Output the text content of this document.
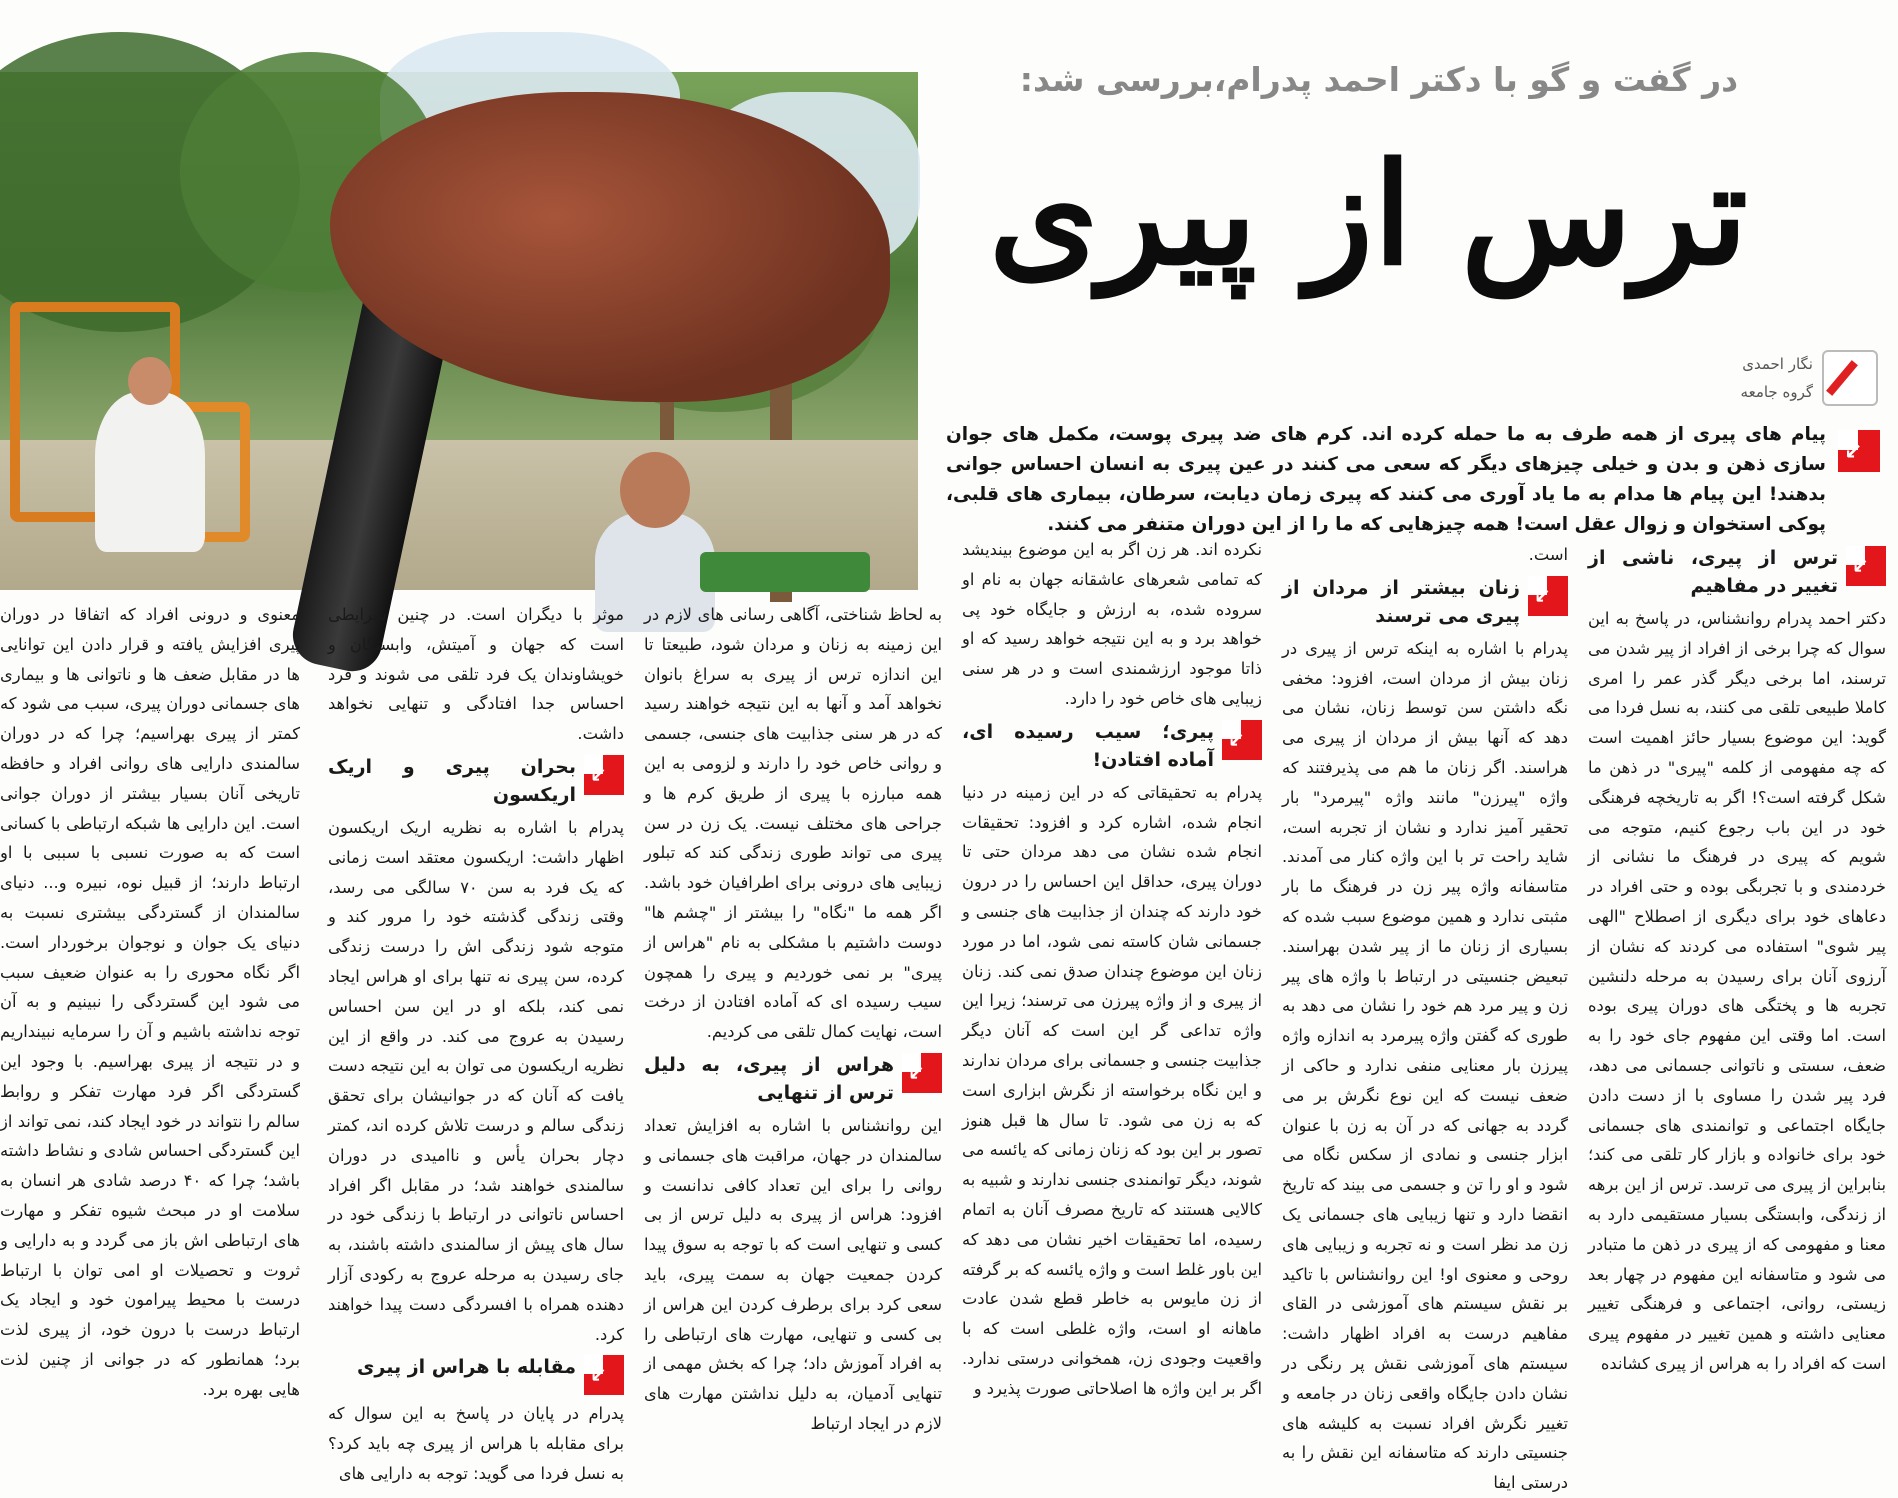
در گفت و گو با دکتر احمد پدرام،بررسی شد:
ترس از پیری
نگار احمدی
گروه جامعه
↙
پیام های پیری از همه طرف به ما حمله کرده اند. کرم های ضد پیری پوست، مکمل های جوان سازی ذهن و بدن و خیلی چیزهای دیگر که سعی می کنند در عین پیری به انسان احساس جوانی بدهند! این پیام ها مدام به ما یاد آوری می کنند که پیری زمان دیابت، سرطان، بیماری های قلبی، پوکی استخوان و زوال عقل است! همه چیزهایی که ما را از این دوران متنفر می کنند.
↙
ترس از پیری، ناشی از تغییر در مفاهیم

دکتر احمد پدرام روانشناس، در پاسخ به این سوال که چرا برخی از افراد از پیر شدن می ترسند، اما برخی دیگر گذر عمر را امری کاملا طبیعی تلقی می کنند، به نسل فردا می گوید: این موضوع بسیار حائز اهمیت است که چه مفهومی از کلمه "پیری" در ذهن ما شکل گرفته است؟! اگر به تاریخچه فرهنگی خود در این باب رجوع کنیم، متوجه می شویم که پیری در فرهنگ ما نشانی از خردمندی و با تجربگی بوده و حتی افراد در دعاهای خود برای دیگری از اصطلاح "الهی پیر شوی" استفاده می کردند که نشان از آرزوی آنان برای رسیدن به مرحله دلنشین تجربه ها و پختگی های دوران پیری بوده است. اما وقتی این مفهوم جای خود را به ضعف، سستی و ناتوانی جسمانی می دهد، فرد پیر شدن را مساوی با از دست دادن جایگاه اجتماعی و توانمندی های جسمانی خود برای خانواده و بازار کار تلقی می کند؛ بنابراین از پیری می ترسد. ترس از این برهه از زندگی، وابستگی بسیار مستقیمی دارد به معنا و مفهومی که از پیری در ذهن ما متبادر می شود و متاسفانه این مفهوم در چهار بعد زیستی، روانی، اجتماعی و فرهنگی تغییر معنایی داشته و همین تغییر در مفهوم پیری است که افراد را به هراس از پیری کشانده

است.

↙
زنان بیشتر از مردان از پیری می ترسند

پدرام با اشاره به اینکه ترس از پیری در زنان بیش از مردان است، افزود: مخفی نگه داشتن سن توسط زنان، نشان می دهد که آنها بیش از مردان از پیری می هراسند. اگر زنان ما هم می پذیرفتند که واژه "پیرزن" مانند واژه "پیرمرد" بار تحقیر آمیز ندارد و نشان از تجربه است، شاید راحت تر با این واژه کنار می آمدند. متاسفانه واژه پیر زن در فرهنگ ما بار مثبتی ندارد و همین موضوع سبب شده که بسیاری از زنان ما از پیر شدن بهراسند. تبعیض جنسیتی در ارتباط با واژه های پیر زن و پیر مرد هم خود را نشان می دهد به طوری که گفتن واژه پیرمرد به اندازه واژه پیرزن بار معنایی منفی ندارد و حاکی از ضعف نیست که این نوع نگرش بر می گردد به جهانی که در آن به زن با عنوان ابزار جنسی و نمادی از سکس نگاه می شود و او را تن و جسمی می بیند که تاریخ انقضا دارد و تنها زیبایی های جسمانی یک زن مد نظر است و نه تجربه و زیبایی های روحی و معنوی او! این روانشناس با تاکید بر نقش سیستم های آموزشی در القای مفاهیم درست به افراد اظهار داشت: سیستم های آموزشی نقش پر رنگی در نشان دادن جایگاه واقعی زنان در جامعه و تغییر نگرش افراد نسبت به کلیشه های جنسیتی دارند که متاسفانه این نقش را به درستی ایفا

نکرده اند. هر زن اگر به این موضوع بیندیشد که تمامی شعرهای عاشقانه جهان به نام او سروده شده، به ارزش و جایگاه خود پی خواهد برد و به این نتیجه خواهد رسید که او ذاتا موجود ارزشمندی است و در هر سنی زیبایی های خاص خود را دارد.

↙
پیری؛ سیب رسیده ای، آماده افتادن!

پدرام به تحقیقاتی که در این زمینه در دنیا انجام شده، اشاره کرد و افزود: تحقیقات انجام شده نشان می دهد مردان حتی تا دوران پیری، حداقل این احساس را در درون خود دارند که چندان از جذابیت های جنسی و جسمانی شان کاسته نمی شود، اما در مورد زنان این موضوع چندان صدق نمی کند. زنان از پیری و از واژه پیرزن می ترسند؛ زیرا این واژه تداعی گر این است که آنان دیگر جذابیت جنسی و جسمانی برای مردان ندارند و این نگاه برخواسته از نگرش ابزاری است که به زن می شود. تا سال ها قبل هنوز تصور بر این بود که زنان زمانی که یائسه می شوند، دیگر توانمندی جنسی ندارند و شبیه به کالایی هستند که تاریخ مصرف آنان به اتمام رسیده، اما تحقیقات اخیر نشان می دهد که این باور غلط است و واژه یائسه که بر گرفته از زن مایوس به خاطر قطع شدن عادت ماهانه او است، واژه غلطی است که با واقعیت وجودی زن، همخوانی درستی ندارد. اگر بر این واژه ها اصلاحاتی صورت پذیرد و

به لحاظ شناختی، آگاهی رسانی های لازم در این زمینه به زنان و مردان شود، طبیعتا تا این اندازه ترس از پیری به سراغ بانوان نخواهد آمد و آنها به این نتیجه خواهند رسید که در هر سنی جذابیت های جنسی، جسمی و روانی خاص خود را دارند و لزومی به این همه مبارزه با پیری از طریق کرم ها و جراحی های مختلف نیست. یک زن در سن پیری می تواند طوری زندگی کند که تبلور زیبایی های درونی برای اطرافیان خود باشد. اگر همه ما "نگاه" را بیشتر از "چشم ها" دوست داشتیم با مشکلی به نام "هراس از پیری" بر نمی خوردیم و پیری را همچون سیب رسیده ای که آماده افتادن از درخت است، نهایت کمال تلقی می کردیم.

↙
هراس از پیری، به دلیل ترس از تنهایی

این روانشناس با اشاره به افزایش تعداد سالمندان در جهان، مراقبت های جسمانی و روانی را برای این تعداد کافی ندانست و افزود: هراس از پیری به دلیل ترس از بی کسی و تنهایی است که با توجه به سوق پیدا کردن جمعیت جهان به سمت پیری، باید سعی کرد برای برطرف کردن این هراس از بی کسی و تنهایی، مهارت های ارتباطی را به افراد آموزش داد؛ چرا که بخش مهمی از تنهایی آدمیان، به دلیل نداشتن مهارت های لازم در ایجاد ارتباط

موثر با دیگران است. در چنین شرایطی است که جهان و آمیتش، وابستگان و خویشاوندان یک فرد تلقی می شوند و فرد احساس جدا افتادگی و تنهایی نخواهد داشت.

↙
بحران پیری و اریک اریکسون

پدرام با اشاره به نظریه اریک اریکسون اظهار داشت: اریکسون معتقد است زمانی که یک فرد به سن ۷۰ سالگی می رسد، وقتی زندگی گذشته خود را مرور کند و متوجه شود زندگی اش را درست زندگی کرده، سن پیری نه تنها برای او هراس ایجاد نمی کند، بلکه او در این سن احساس رسیدن به عروج می کند. در واقع از این نظریه اریکسون می توان به این نتیجه دست یافت که آنان که در جوانیشان برای تحقق زندگی سالم و درست تلاش کرده اند، کمتر دچار بحران یأس و ناامیدی در دوران سالمندی خواهند شد؛ در مقابل اگر افراد احساس ناتوانی در ارتباط با زندگی خود در سال های پیش از سالمندی داشته باشند، به جای رسیدن به مرحله عروج به رکودی آزار دهنده همراه با افسردگی دست پیدا خواهند کرد.

↙
مقابله با هراس از پیری

پدرام در پایان در پاسخ به این سوال که برای مقابله با هراس از پیری چه باید کرد؟ به نسل فردا می گوید: توجه به دارایی های

معنوی و درونی افراد که اتفاقا در دوران پیری افزایش یافته و قرار دادن این توانایی ها در مقابل ضعف ها و ناتوانی ها و بیماری های جسمانی دوران پیری، سبب می شود که کمتر از پیری بهراسیم؛ چرا که در دوران سالمندی دارایی های روانی افراد و حافظه تاریخی آنان بسیار بیشتر از دوران جوانی است. این دارایی ها شبکه ارتباطی با کسانی است که به صورت نسبی با سببی با او ارتباط دارند؛ از قبیل نوه، نبیره و... دنیای سالمندان از گستردگی بیشتری نسبت به دنیای یک جوان و نوجوان برخوردار است. اگر نگاه محوری را به عنوان ضعیف سبب می شود این گستردگی را نبینیم و به آن توجه نداشته باشیم و آن را سرمایه نبینداریم و در نتیجه از پیری بهراسیم. با وجود این گستردگی اگر فرد مهارت تفکر و روابط سالم را نتواند در خود ایجاد کند، نمی تواند از این گستردگی احساس شادی و نشاط داشته باشد؛ چرا که ۴۰ درصد شادی هر انسان به سلامت او در مبحث شیوه تفکر و مهارت های ارتباطی اش باز می گردد و به دارایی و ثروت و تحصیلات او امی توان با ارتباط درست با محیط پیرامون خود و ایجاد یک ارتباط درست با درون خود، از پیری لذت برد؛ همانطور که در جوانی از چنین لذت هایی بهره برد.
